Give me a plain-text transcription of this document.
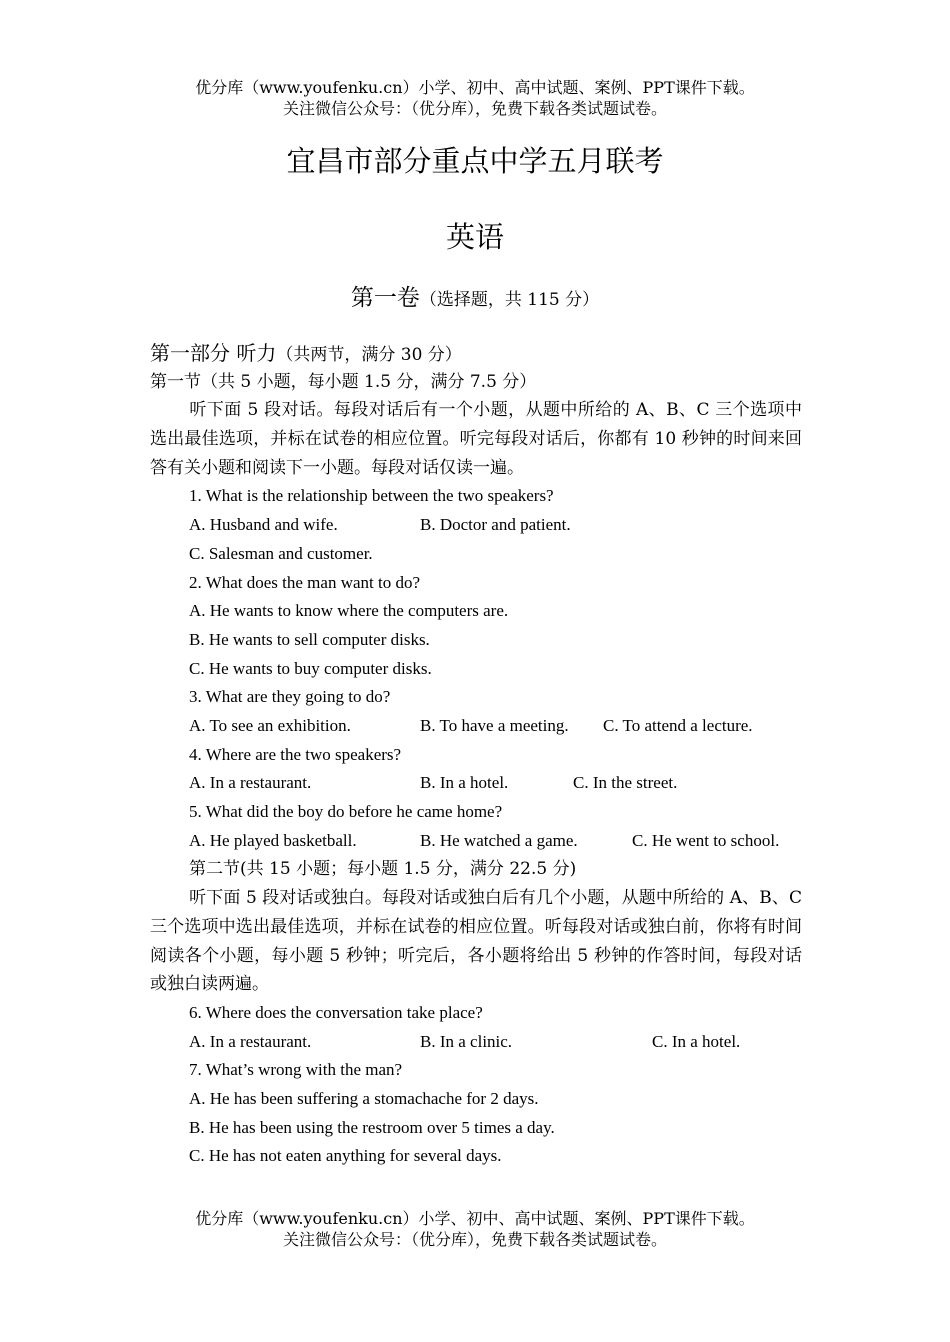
优分库（www.youfenku.cn）小学、初中、高中试题、案例、PPT课件下载。
关注微信公众号：（优分库），免费下载各类试题试卷。
宜昌市部分重点中学五月联考
英语
第一卷（选择题，共 115 分）
第一部分 听力（共两节，满分 30 分）
第一节（共 5 小题，每小题 1.5 分，满分 7.5 分）
听下面 5 段对话。每段对话后有一个小题，从题中所给的 A、B、C 三个选项中选出最佳选项，并标在试卷的相应位置。听完每段对话后，你都有 10 秒钟的时间来回答有关小题和阅读下一小题。每段对话仅读一遍。
1. What is the relationship between the two speakers?
A. Husband and wife.	B. Doctor and patient.
C. Salesman and customer.
2. What does the man want to do?
A. He wants to know where the computers are.
B. He wants to sell computer disks.
C. He wants to buy computer disks.
3. What are they going to do?
A. To see an exhibition.	B. To have a meeting. C. To attend a lecture.
4. Where are the two speakers?
A. In a restaurant.	B. In a hotel.	C. In the street.
5. What did the boy do before he came home?
A. He played basketball.	B. He watched a game.	C. He went to school.
第二节(共 15 小题；每小题 1.5 分，满分 22.5 分)
听下面 5 段对话或独白。每段对话或独白后有几个小题，从题中所给的 A、B、C 三个选项中选出最佳选项，并标在试卷的相应位置。听每段对话或独白前，你将有时间阅读各个小题，每小题 5 秒钟；听完后，各小题将给出 5 秒钟的作答时间，每段对话或独白读两遍。
6. Where does the conversation take place?
A. In a restaurant.	B. In a clinic.	C. In a hotel.
7. What’s wrong with the man?
A. He has been suffering a stomachache for 2 days.
B. He has been using the restroom over 5 times a day.
C. He has not eaten anything for several days.
优分库（www.youfenku.cn）小学、初中、高中试题、案例、PPT课件下载。
关注微信公众号：（优分库），免费下载各类试题试卷。
